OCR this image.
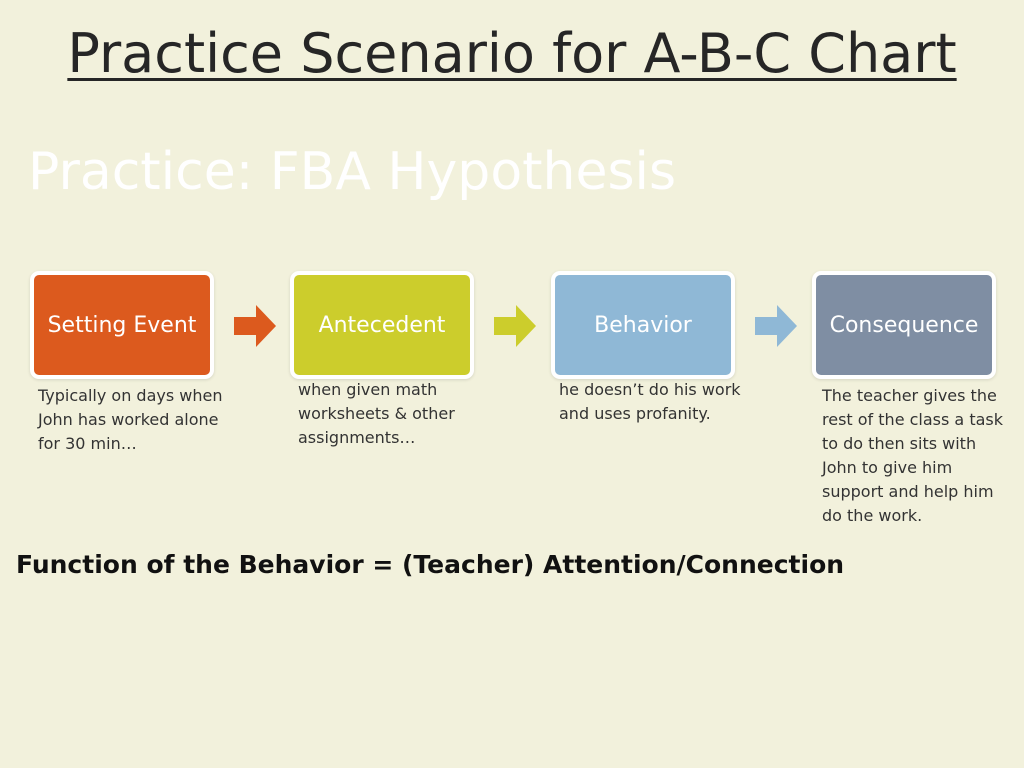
Practice Scenario for A-B-C Chart
Practice: FBA Hypothesis
Setting Event	Antecedent	Behavior	Consequence
Typically on days when John has worked alone for 30 min…
when given math worksheets & other assignments…
he doesn’t do his work and uses profanity.
The teacher gives the rest of the class a task to do then sits with John to give him support and help him do the work.
Function of the Behavior = (Teacher) Attention/Connection
